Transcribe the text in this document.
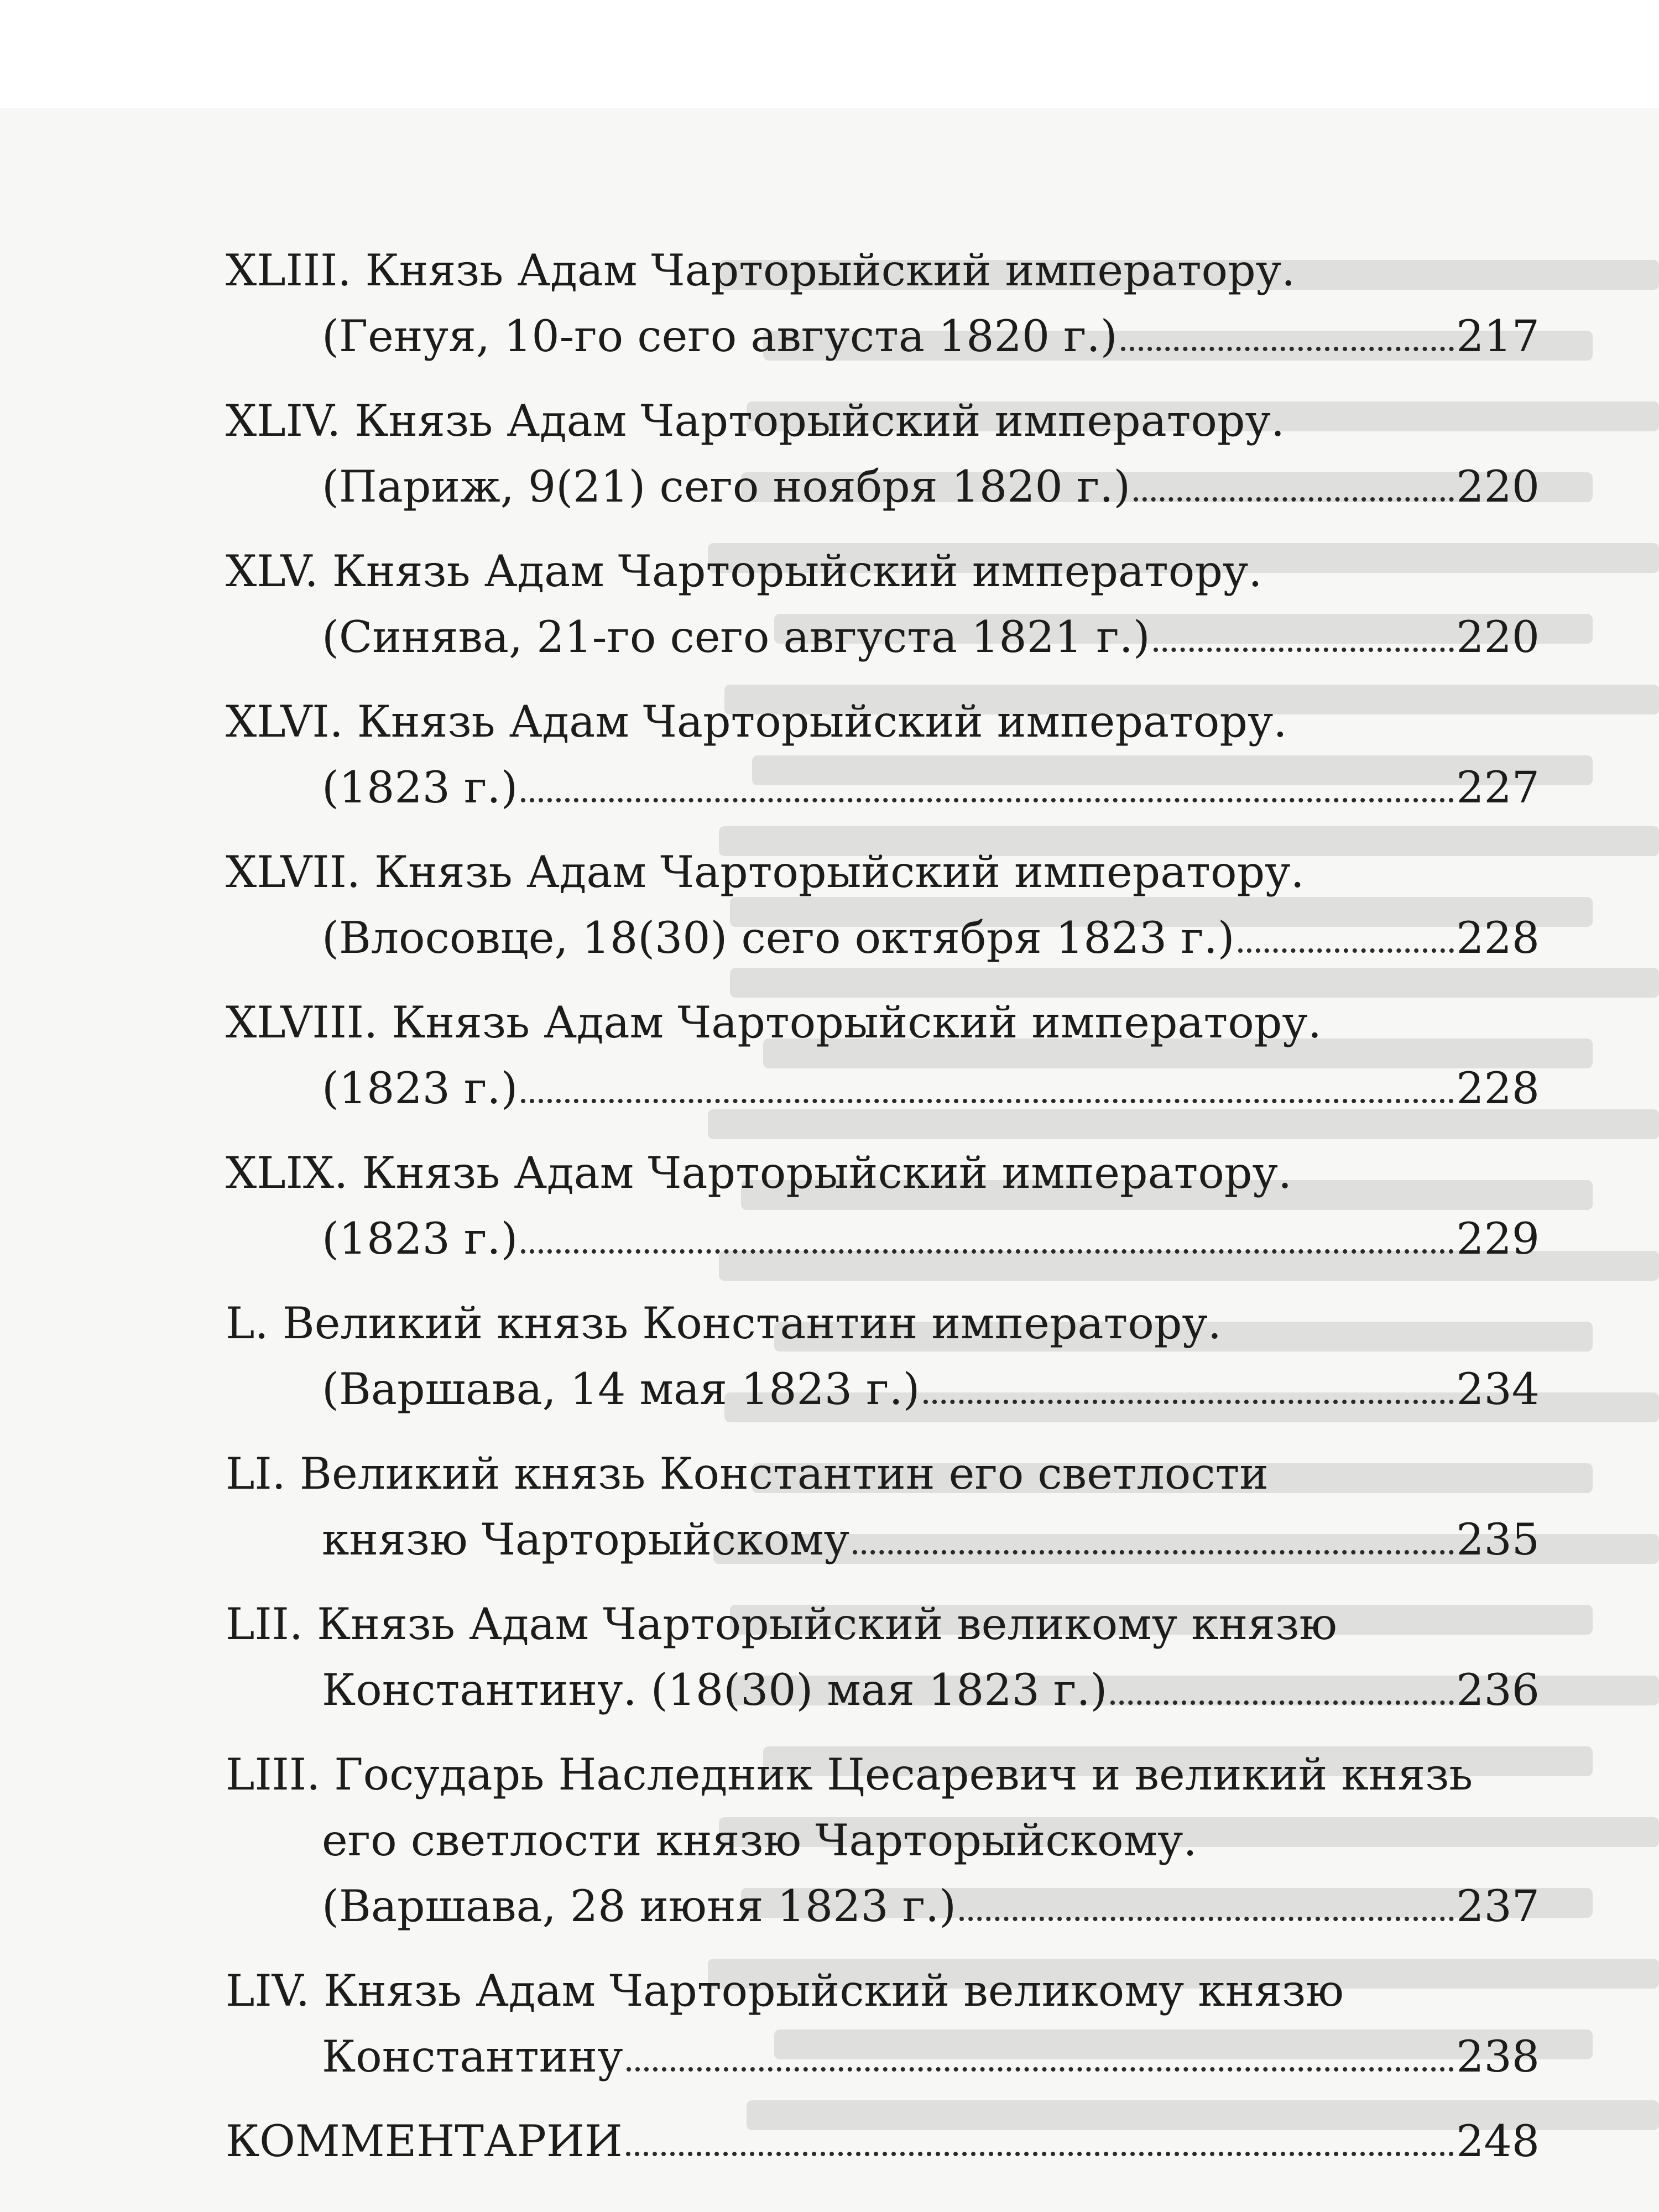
XLIII. Князь Адам Чарторыйский императору.
(Генуя, 10-го сего августа 1820 г.)	217
XLIV. Князь Адам Чарторыйский императору.
(Париж, 9(21) сего ноября 1820 г.)	220
XLV. Князь Адам Чарторыйский императору.
(Синява, 21-го сего августа 1821 г.)	220
XLVI. Князь Адам Чарторыйский императору.
(1823 г.)	227
XLVII. Князь Адам Чарторыйский императору.
(Влосовце, 18(30) сего октября 1823 г.)	228
XLVIII. Князь Адам Чарторыйский императору.
(1823 г.)	228
XLIX. Князь Адам Чарторыйский императору.
(1823 г.)	229
L. Великий князь Константин императору.
(Варшава, 14 мая 1823 г.)	234
LI. Великий князь Константин его светлости
князю Чарторыйскому	235
LII. Князь Адам Чарторыйский великому князю
Константину. (18(30) мая 1823 г.)	236
LIII. Государь Наследник Цесаревич и великий князь
его светлости князю Чарторыйскому.
(Варшава, 28 июня 1823 г.)	237
LIV. Князь Адам Чарторыйский великому князю
Константину	238
КОММЕНТАРИИ	248
